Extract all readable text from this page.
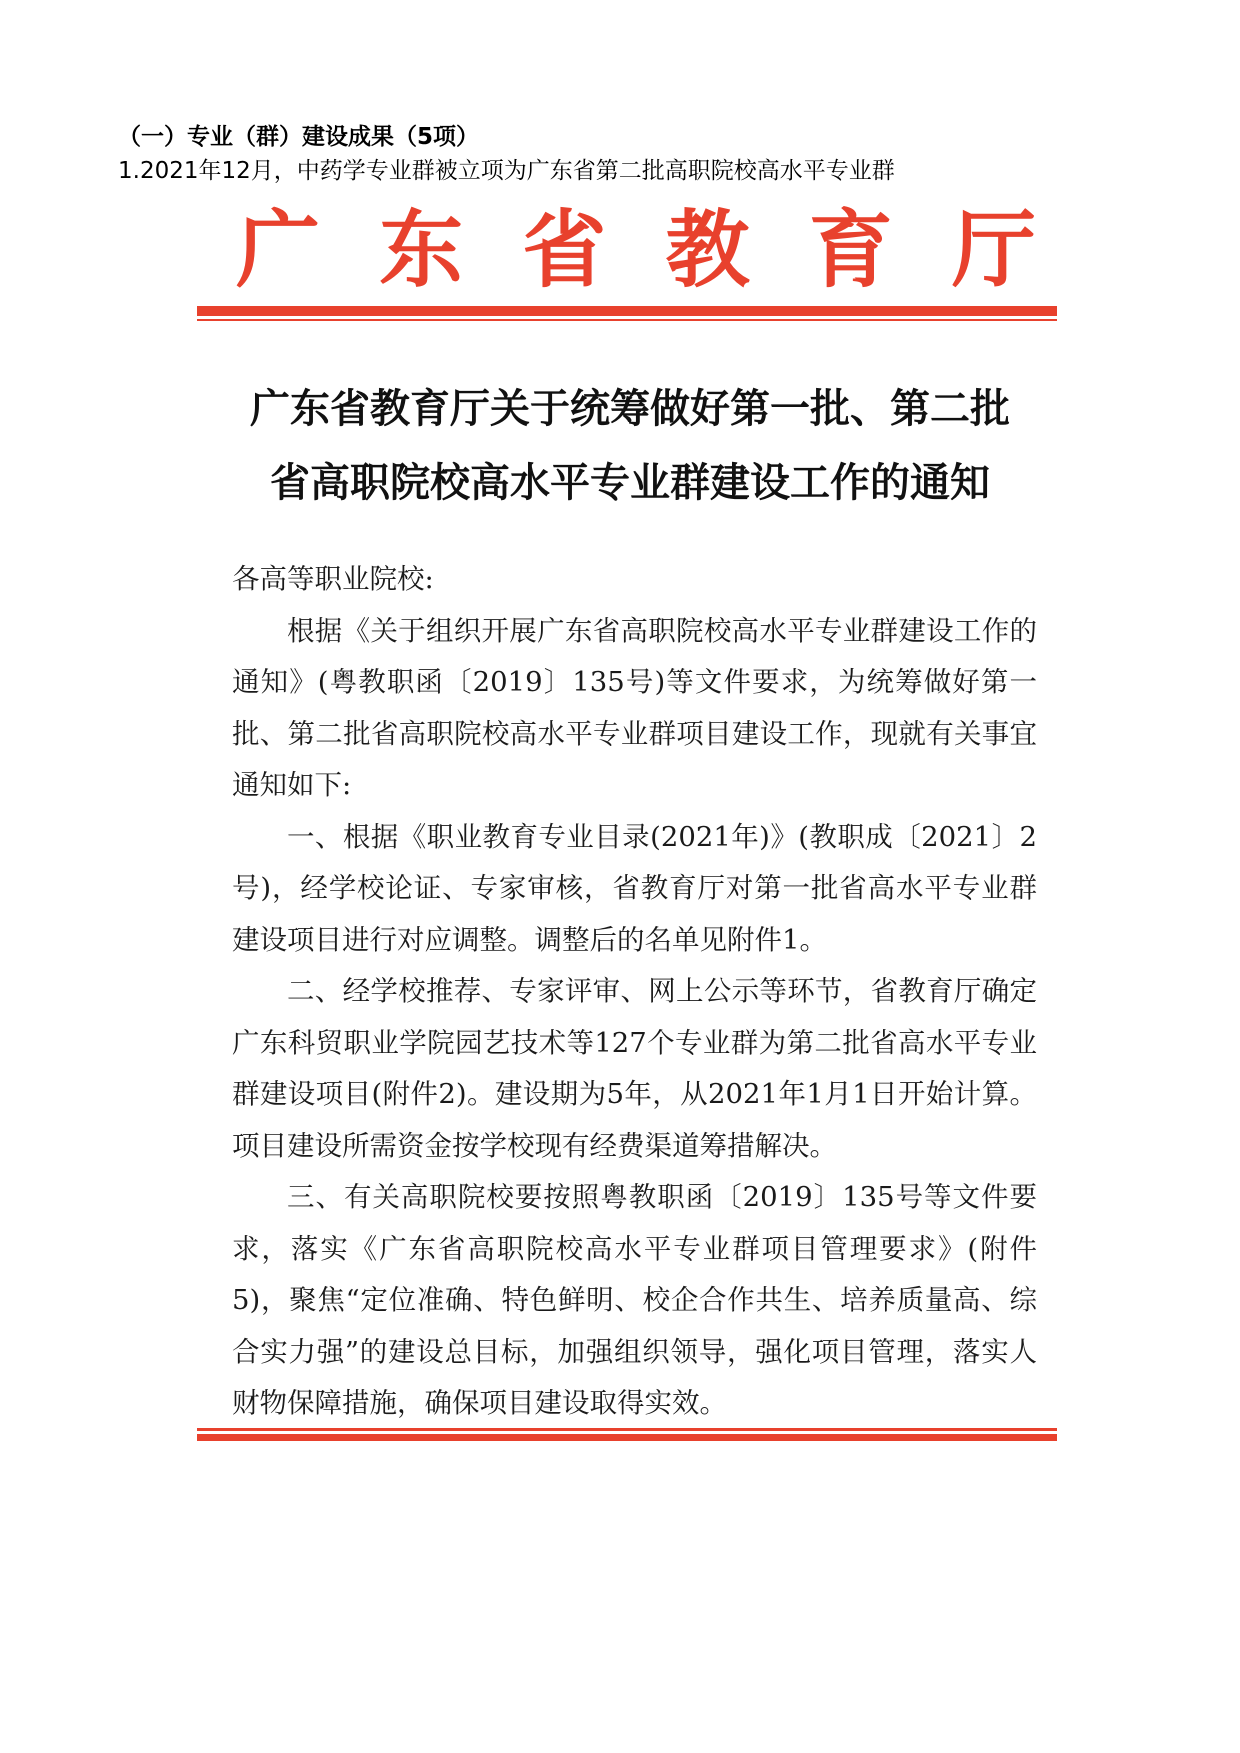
（一）专业（群）建设成果（5项）
1.2021年12月，中药学专业群被立项为广东省第二批高职院校高水平专业群
广 东 省 教 育 厅
广东省教育厅关于统筹做好第一批、第二批
省高职院校高水平专业群建设工作的通知

各高等职业院校:

根据《关于组织开展广东省高职院校高水平专业群建设工作的通知》(粤教职函〔2019〕135号)等文件要求，为统筹做好第一批、第二批省高职院校高水平专业群项目建设工作，现就有关事宜通知如下:

一、根据《职业教育专业目录(2021年)》(教职成〔2021〕2号)，经学校论证、专家审核，省教育厅对第一批省高水平专业群建设项目进行对应调整。调整后的名单见附件1。

二、经学校推荐、专家评审、网上公示等环节，省教育厅确定广东科贸职业学院园艺技术等127个专业群为第二批省高水平专业群建设项目(附件2)。建设期为5年，从2021年1月1日开始计算。项目建设所需资金按学校现有经费渠道筹措解决。

三、有关高职院校要按照粤教职函〔2019〕135号等文件要求，落实《广东省高职院校高水平专业群项目管理要求》(附件5)，聚焦“定位准确、特色鲜明、校企合作共生、培养质量高、综合实力强”的建设总目标，加强组织领导，强化项目管理，落实人财物保障措施，确保项目建设取得实效。
